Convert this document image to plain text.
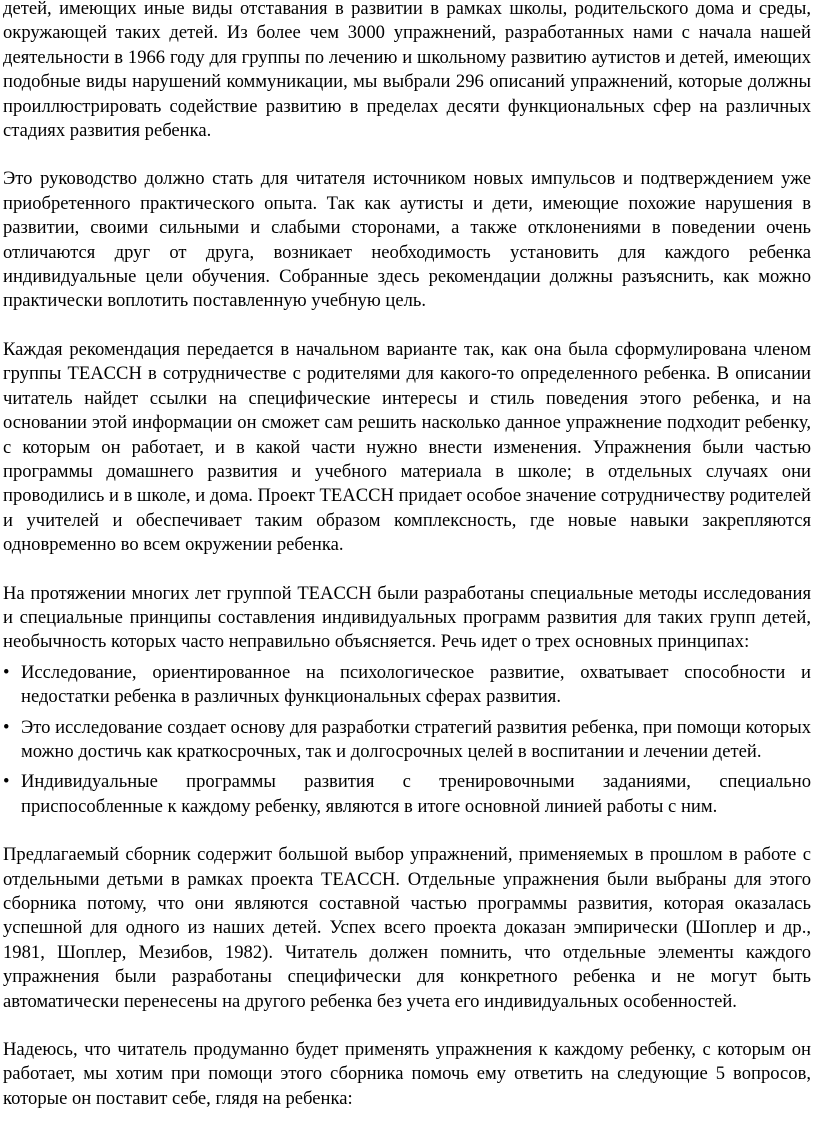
детей, имеющих иные виды отставания в развитии в рамках школы, родительского дома и среды, окружающей таких детей. Из более чем 3000 упражнений, разработанных нами с начала нашей деятельности в 1966 году для группы по лечению и школьному развитию аутистов и детей, имеющих подобные виды нарушений коммуникации, мы выбрали 296 описаний упражнений, которые должны проиллюстрировать содействие развитию в пределах десяти функциональных сфер на различных стадиях развития ребенка.

Это руководство должно стать для читателя источником новых импульсов и подтверждением уже приобретенного практического опыта. Так как аутисты и дети, имеющие похожие нарушения в развитии, своими сильными и слабыми сторонами, а также отклонениями в поведении очень отличаются друг от друга, возникает необходимость установить для каждого ребенка индивидуальные цели обучения. Собранные здесь рекомендации должны разъяснить, как можно практически воплотить поставленную учебную цель.

Каждая рекомендация передается в начальном варианте так, как она была сформулирована членом группы TEACCH в сотрудничестве с родителями для какого-то определенного ребенка. В описании читатель найдет ссылки на специфические интересы и стиль поведения этого ребенка, и на основании этой информации он сможет сам решить насколько данное упражнение подходит ребенку, с которым он работает, и в какой части нужно внести изменения. Упражнения были частью программы домашнего развития и учебного материала в школе; в отдельных случаях они проводились и в школе, и дома. Проект TEACCH придает особое значение сотрудничеству родителей и учителей и обеспечивает таким образом комплексность, где новые навыки закрепляются одновременно во всем окружении ребенка.

На протяжении многих лет группой TEACCH были разработаны специальные методы исследования и специальные принципы составления индивидуальных программ развития для таких групп детей, необычность которых часто неправильно объясняется. Речь идет о трех основных принципах:

• Исследование, ориентированное на психологическое развитие, охватывает способности и недостатки ребенка в различных функциональных сферах развития.
• Это исследование создает основу для разработки стратегий развития ребенка, при помощи которых можно достичь как краткосрочных, так и долгосрочных целей в воспитании и лечении детей.
• Индивидуальные программы развития с тренировочными заданиями, специально приспособленные к каждому ребенку, являются в итоге основной линией работы с ним.

Предлагаемый сборник содержит большой выбор упражнений, применяемых в прошлом в работе с отдельными детьми в рамках проекта TEACCH. Отдельные упражнения были выбраны для этого сборника потому, что они являются составной частью программы развития, которая оказалась успешной для одного из наших детей. Успех всего проекта доказан эмпирически (Шоплер и др., 1981, Шоплер, Мезибов, 1982). Читатель должен помнить, что отдельные элементы каждого упражнения были разработаны специфически для конкретного ребенка и не могут быть автоматически перенесены на другого ребенка без учета его индивидуальных особенностей.

Надеюсь, что читатель продуманно будет применять упражнения к каждому ребенку, с которым он работает, мы хотим при помощи этого сборника помочь ему ответить на следующие 5 вопросов, которые он поставит себе, глядя на ребенка:
